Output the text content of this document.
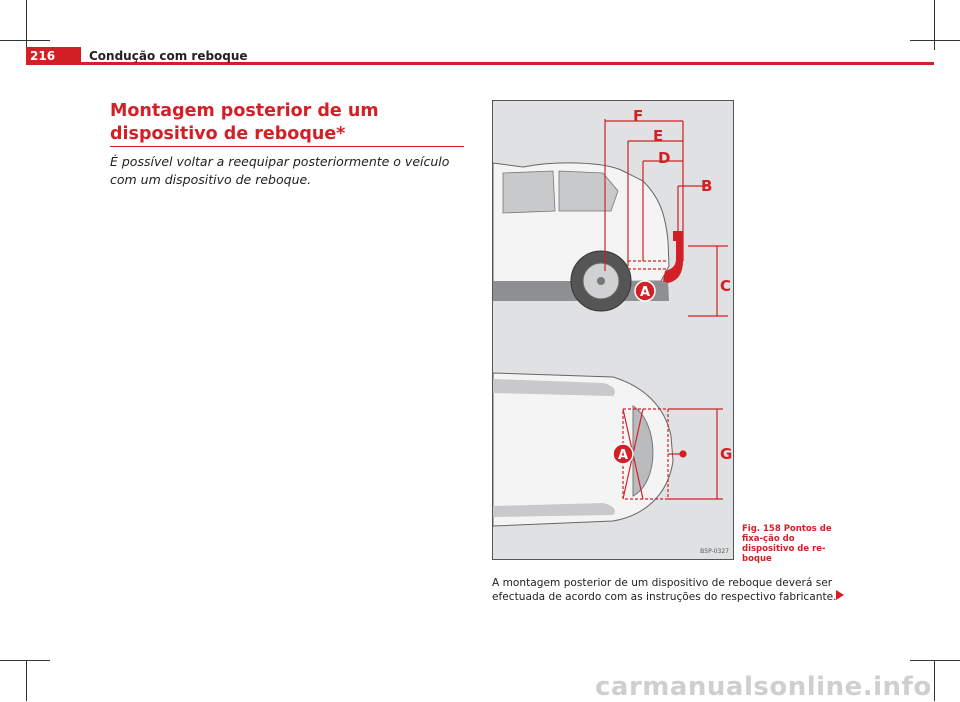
216	Condução com reboque
Montagem posterior de um dispositivo de reboque*
É possível voltar a reequipar posteriormente o veículo com um dispositivo de reboque.
A
F
E
D
B
C
A	G
B5P-0327
Fig. 158 Pontos de fixa-ção do dispositivo de re-boque
A montagem posterior de um dispositivo de reboque deverá ser efectuada de acordo com as instruções do respectivo fabricante.
carmanualsonline.info
